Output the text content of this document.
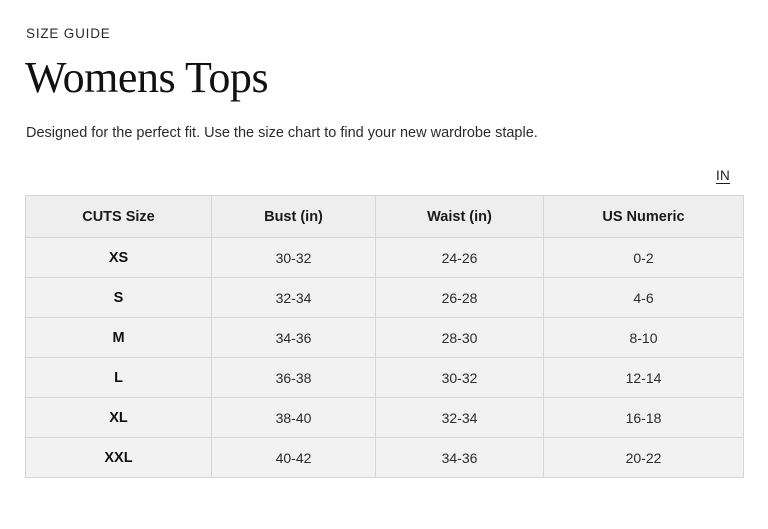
SIZE GUIDE
Womens Tops

Designed for the perfect fit. Use the size chart to find your new wardrobe staple.

IN
CUTS Size	Bust (in)	Waist (in)	US Numeric
XS	30-32	24-26	0-2
S	32-34	26-28	4-6
M	34-36	28-30	8-10
L	36-38	30-32	12-14
XL	38-40	32-34	16-18
XXL	40-42	34-36	20-22
